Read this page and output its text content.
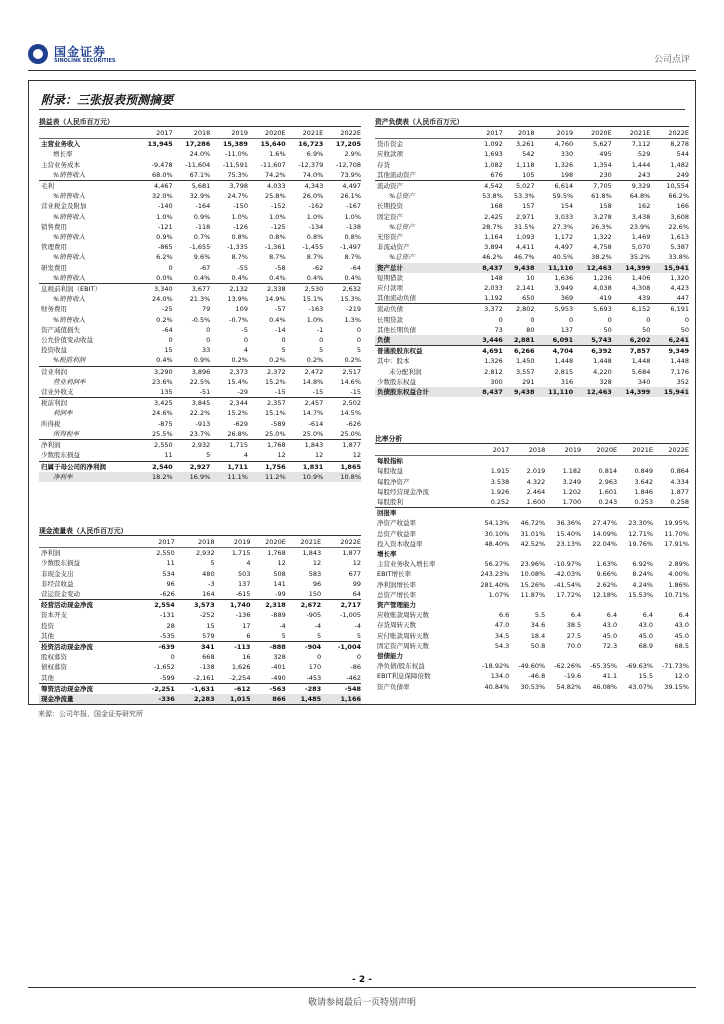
国金证券
SINOLINK SECURITIES	公司点评
附录：三张报表预测摘要
损益表（人民币百万元）
	2017	2018	2019	2020E	2021E	2022E
主营业务收入	13,945	17,286	15,389	15,640	16,723	17,205
增长率		24.0%	-11.0%	1.6%	6.9%	2.9%
主营业务成本	-9,478	-11,604	-11,591	-11,607	-12,379	-12,708
%销售收入	68.0%	67.1%	75.3%	74.2%	74.0%	73.9%
毛利	4,467	5,681	3,798	4,033	4,343	4,497
%销售收入	32.0%	32.9%	24.7%	25.8%	26.0%	26.1%
营业税金及附加	-140	-164	-150	-152	-162	-167
%销售收入	1.0%	0.9%	1.0%	1.0%	1.0%	1.0%
销售费用	-121	-118	-126	-125	-134	-138
%销售收入	0.9%	0.7%	0.8%	0.8%	0.8%	0.8%
管理费用	-865	-1,655	-1,335	-1,361	-1,455	-1,497
%销售收入	6.2%	9.6%	8.7%	8.7%	8.7%	8.7%
研发费用	0	-67	-55	-58	-62	-64
%销售收入	0.0%	0.4%	0.4%	0.4%	0.4%	0.4%
息税前利润（EBIT）	3,340	3,677	2,132	2,338	2,530	2,632
%销售收入	24.0%	21.3%	13.9%	14.9%	15.1%	15.3%
财务费用	-25	79	109	-57	-163	-219
%销售收入	0.2%	-0.5%	-0.7%	0.4%	1.0%	1.3%
资产减值损失	-64	0	-5	-14	-1	0
公允价值变动收益	0	0	0	0	0	0
投资收益	15	33	4	5	5	5
%税前利润	0.4%	0.9%	0.2%	0.2%	0.2%	0.2%
营业利润	3,290	3,896	2,373	2,372	2,472	2,517
营业利润率	23.6%	22.5%	15.4%	15.2%	14.8%	14.6%
营业外收支	135	-51	-29	-15	-15	-15
税前利润	3,425	3,845	2,344	2,357	2,457	2,502
利润率	24.6%	22.2%	15.2%	15.1%	14.7%	14.5%
所得税	-875	-913	-629	-589	-614	-626
所得税率	25.5%	23.7%	26.8%	25.0%	25.0%	25.0%
净利润	2,550	2,932	1,715	1,768	1,843	1,877
少数股东损益	11	5	4	12	12	12
归属于母公司的净利润	2,540	2,927	1,711	1,756	1,831	1,865
净利率	18.2%	16.9%	11.1%	11.2%	10.9%	10.8%
现金流量表（人民币百万元）
	2017	2018	2019	2020E	2021E	2022E
净利润	2,550	2,932	1,715	1,768	1,843	1,877
少数股东损益	11	5	4	12	12	12
非现金支出	534	480	503	508	583	677
非经营收益	96	-3	137	141	96	99
营运资金变动	-626	164	-615	-99	150	64
经营活动现金净流	2,554	3,573	1,740	2,318	2,672	2,717
资本开支	-131	-252	-136	-889	-905	-1,005
投资	28	15	17	-4	-4	-4
其他	-535	579	6	5	5	5
投资活动现金净流	-639	341	-113	-888	-904	-1,004
股权募资	0	668	16	328	0	0
债权募资	-1,652	-138	1,626	-401	170	-86
其他	-599	-2,161	-2,254	-490	-453	-462
筹资活动现金净流	-2,251	-1,631	-612	-563	-283	-548
现金净流量	-336	2,283	1,015	866	1,485	1,166
资产负债表（人民币百万元）
	2017	2018	2019	2020E	2021E	2022E
货币资金	1,092	3,261	4,760	5,627	7,112	8,278
应收款项	1,693	542	330	495	529	544
存货	1,082	1,118	1,326	1,354	1,444	1,482
其他流动资产	676	105	198	230	243	249
流动资产	4,542	5,027	6,614	7,705	9,329	10,554
%总资产	53.8%	53.3%	59.5%	61.8%	64.8%	66.2%
长期投资	168	157	154	158	162	166
固定资产	2,425	2,971	3,033	3,278	3,438	3,608
%总资产	28.7%	31.5%	27.3%	26.3%	23.9%	22.6%
无形资产	1,164	1,093	1,172	1,322	1,469	1,613
非流动资产	3,894	4,411	4,497	4,758	5,070	5,387
%总资产	46.2%	46.7%	40.5%	38.2%	35.2%	33.8%
资产总计	8,437	9,438	11,110	12,463	14,399	15,941
短期借款	148	10	1,636	1,236	1,406	1,320
应付款项	2,033	2,141	3,949	4,038	4,308	4,423
其他流动负债	1,192	650	369	419	439	447
流动负债	3,372	2,802	5,953	5,693	6,152	6,191
长期贷款	0	0	0	0	0	0
其他长期负债	73	80	137	50	50	50
负债	3,446	2,881	6,091	5,743	6,202	6,241
普通股股东权益	4,691	6,266	4,704	6,392	7,857	9,349
其中：股本	1,326	1,450	1,448	1,448	1,448	1,448
未分配利润	2,812	3,557	2,815	4,220	5,684	7,176
少数股东权益	300	291	316	328	340	352
负债股东权益合计	8,437	9,438	11,110	12,463	14,399	15,941
比率分析
	2017	2018	2019	2020E	2021E	2022E
每股指标						
每股收益	1.915	2.019	1.182	0.814	0.849	0.864
每股净资产	3.538	4.322	3.249	2.963	3.642	4.334
每股经营现金净流	1.926	2.464	1.202	1.601	1.846	1.877
每股股利	0.252	1.600	1.700	0.243	0.253	0.258
回报率						
净资产收益率	54.13%	46.72%	36.36%	27.47%	23.30%	19.95%
总资产收益率	30.10%	31.01%	15.40%	14.09%	12.71%	11.70%
投入资本收益率	48.40%	42.52%	23.13%	22.04%	19.76%	17.91%
增长率						
主营业务收入增长率	56.27%	23.96%	-10.97%	1.63%	6.92%	2.89%
EBIT增长率	243.23%	10.08%	-42.03%	9.66%	8.24%	4.00%
净利润增长率	281.40%	15.26%	-41.54%	2.62%	4.24%	1.86%
总资产增长率	1.07%	11.87%	17.72%	12.18%	15.53%	10.71%
资产管理能力						
应收账款周转天数	6.6	5.5	6.4	6.4	6.4	6.4
存货周转天数	47.0	34.6	38.5	43.0	43.0	43.0
应付账款周转天数	34.5	18.4	27.5	45.0	45.0	45.0
固定资产周转天数	54.3	50.8	70.0	72.3	68.9	68.5
偿债能力						
净负债/股东权益	-18.92%	-49.60%	-62.26%	-65.35%	-69.63%	-71.73%
EBIT利息保障倍数	134.0	-46.8	-19.6	41.1	15.5	12.0
资产负债率	40.84%	30.53%	54.82%	46.08%	43.07%	39.15%
来源：公司年报、国金证券研究所
- 2 -
敬请参阅最后一页特别声明
